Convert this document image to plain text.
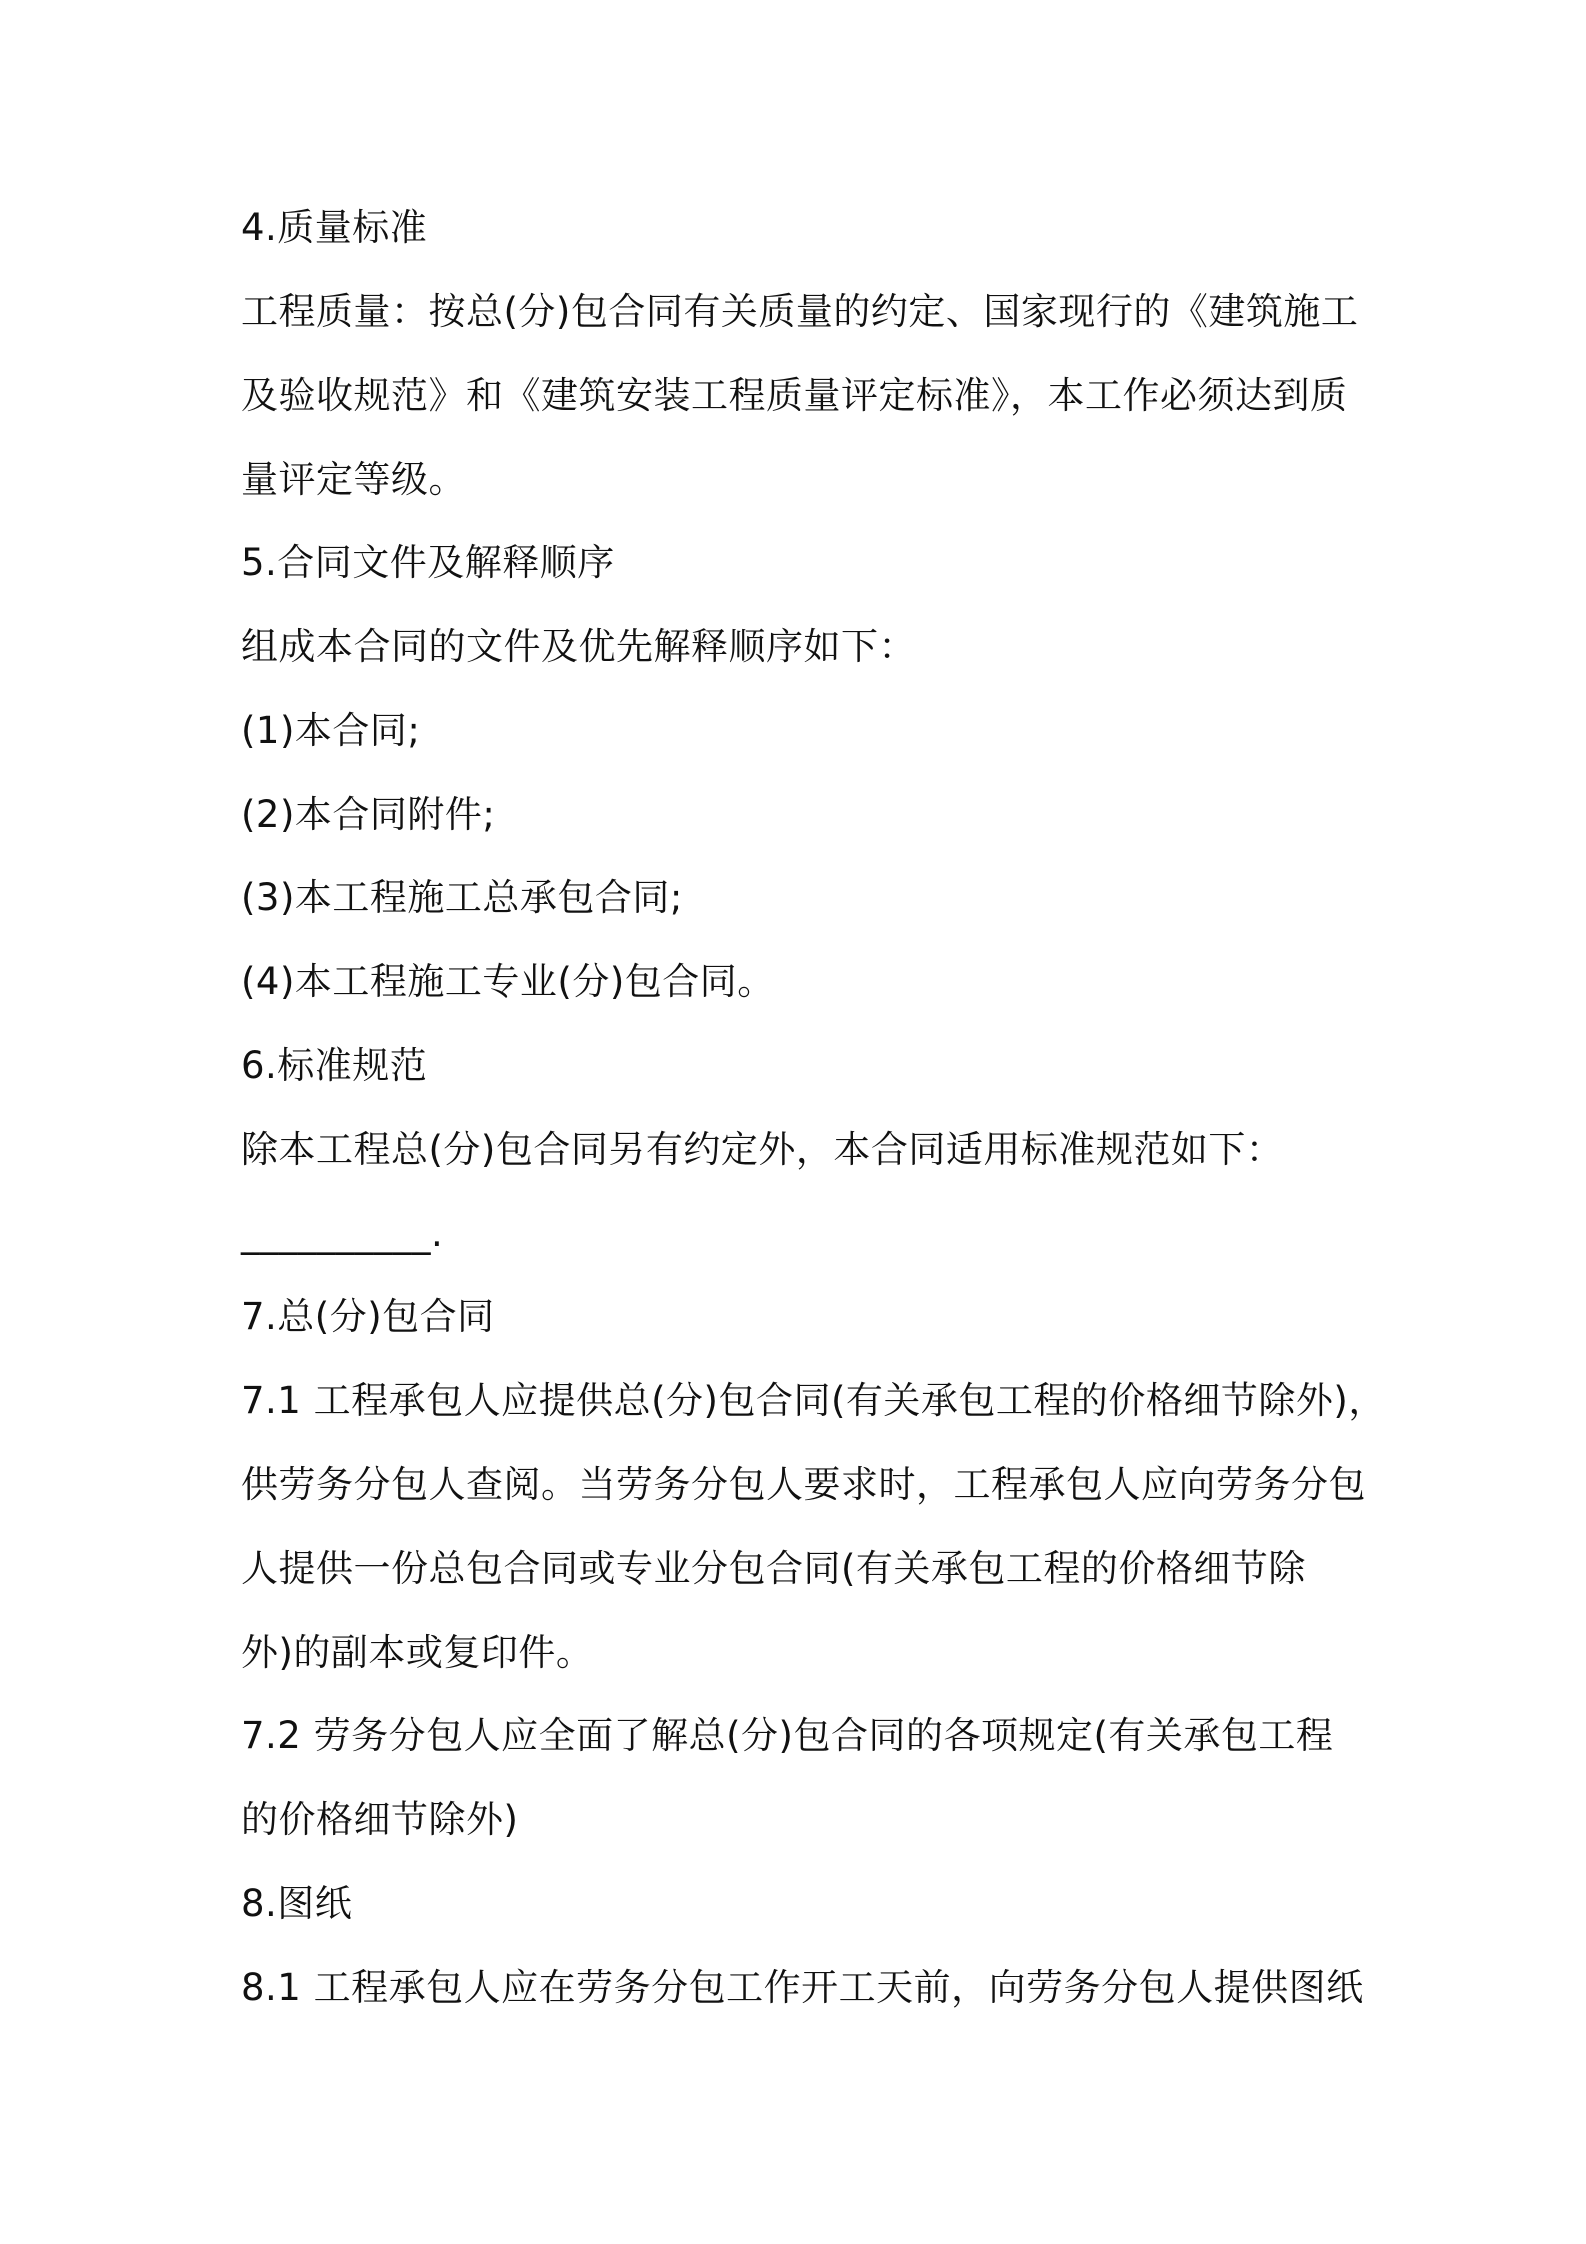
4.质量标准
工程质量：按总(分)包合同有关质量的约定、国家现行的《建筑施工
及验收规范》和《建筑安装工程质量评定标准》，本工作必须达到质
量评定等级。
5.合同文件及解释顺序
组成本合同的文件及优先解释顺序如下：
(1)本合同;
(2)本合同附件;
(3)本工程施工总承包合同;
(4)本工程施工专业(分)包合同。
6.标准规范
除本工程总(分)包合同另有约定外，本合同适用标准规范如下：
__________.
7.总(分)包合同
7.1 工程承包人应提供总(分)包合同(有关承包工程的价格细节除外)，
供劳务分包人查阅。当劳务分包人要求时，工程承包人应向劳务分包
人提供一份总包合同或专业分包合同(有关承包工程的价格细节除
外)的副本或复印件。
7.2 劳务分包人应全面了解总(分)包合同的各项规定(有关承包工程
的价格细节除外)
8.图纸
8.1 工程承包人应在劳务分包工作开工天前，向劳务分包人提供图纸
